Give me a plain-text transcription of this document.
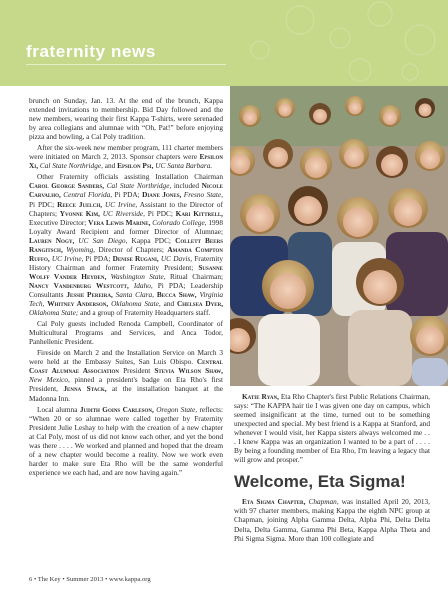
fraternity news

brunch on Sunday, Jan. 13. At the end of the brunch, Kappa extended invitations to membership. Bid Day followed and the new members, wearing their first Kappa T-shirts, were serenaded by area collegians and alumnae with “Oh, Pat!” before enjoying pizza and bowling, a Cal Poly tradition.

After the six-week new member program, 111 charter members were initiated on March 2, 2013. Sponsor chapters were Epsilon Xi, Cal State Northridge, and Epsilon Psi, UC Santa Barbara.

Other Fraternity officials assisting Installation Chairman Carol George Sanders, Cal State Northridge, included Nicole Carvalho, Central Florida, Pi PDA; Diane Jones, Fresno State, Pi PDC; Reece Juelch, UC Irvine, Assistant to the Director of Chapters; Yvonne Kim, UC Riverside, Pi PDC; Kari Kittrell, Executive Director; Vera Lewis Marine, Colorado College, 1998 Loyalty Award Recipient and former Director of Alumnae; Lauren Nogy, UC San Diego, Kappa PDC; Collett Beers Rangitsch, Wyoming, Director of Chapters; Amanda Compton Ruffo, UC Irvine, Pi PDA; Denise Rugani, UC Davis, Fraternity History Chairman and former Fraternity President; Susanne Wolff Vander Heyden, Washington State, Ritual Chairman; Nancy Vandenburg Westcott, Idaho, Pi PDA; Leadership Consultants Jessie Pereira, Santa Clara, Becca Shaw, Virginia Tech, Whitney Anderson, Oklahoma State, and Chelsea Dyer, Oklahoma State; and a group of Fraternity Headquarters staff.

Cal Poly guests included Renoda Campbell, Coordinator of Multicultural Programs and Services, and Anca Todor, Panhellenic President.

Fireside on March 2 and the Installation Service on March 3 were held at the Embassy Suites, San Luis Obispo. Central Coast Alumnae Association President Stevia Wilson Shaw, New Mexico, pinned a president's badge on Eta Rho's first President, Jenna Stack, at the installation banquet at the Madonna Inn.

Local alumna Judith Goins Carleson, Oregon State, reflects: “When 20 or so alumnae were called together by Fraternity President Julie Leshay to help with the creation of a new chapter at Cal Poly, most of us did not know each other, and yet the bond was there . . . . We worked and planned and hoped that the dream of a new chapter would become a reality. Now we work even harder to make sure Eta Rho will be the same wonderful experience we each had, and are now having again.”

Katie Ryan, Eta Rho Chapter's first Public Relations Chairman, says: “The KAPPA hair tie I was given one day on campus, which seemed insignificant at the time, turned out to be something unexpected and special. My best friend is a Kappa at Stanford, and whenever I would visit, her Kappa sisters always welcomed me . . . I knew Kappa was an organization I wanted to be a part of . . . . By being a founding member of Eta Rho, I'm leaving a legacy that will grow and prosper.”

Welcome, Eta Sigma!

Eta Sigma Chapter, Chapman, was installed April 20, 2013, with 97 charter members, making Kappa the eighth NPC group at Chapman, joining Alpha Gamma Delta, Alpha Phi, Delta Delta Delta, Delta Gamma, Gamma Phi Beta, Kappa Alpha Theta and Phi Sigma Sigma. More than 100 collegiate and

6 • The Key • Summer 2013 • www.kappa.org
